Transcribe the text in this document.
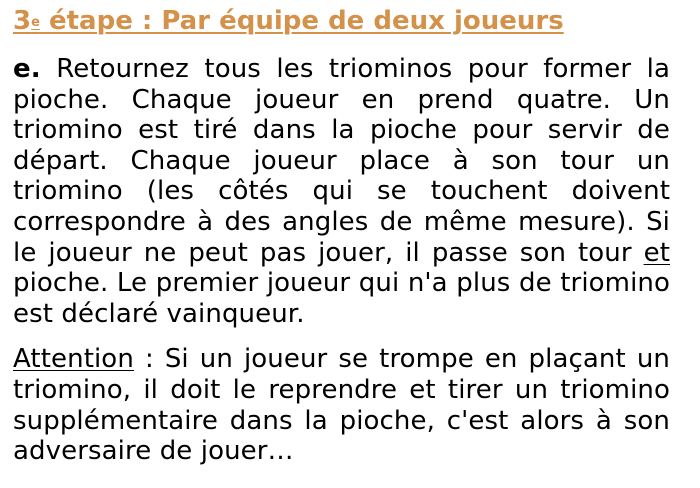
3e étape : Par équipe de deux joueurs

e. Retournez tous les triominos pour former la pioche. Chaque joueur en prend quatre. Un triomino est tiré dans la pioche pour servir de départ. Chaque joueur place à son tour un triomino (les côtés qui se touchent doivent correspondre à des angles de même mesure). Si le joueur ne peut pas jouer, il passe son tour et pioche. Le premier joueur qui n'a plus de triomino est déclaré vainqueur.

Attention : Si un joueur se trompe en plaçant un triomino, il doit le reprendre et tirer un triomino supplémentaire dans la pioche, c'est alors à son adversaire de jouer…
